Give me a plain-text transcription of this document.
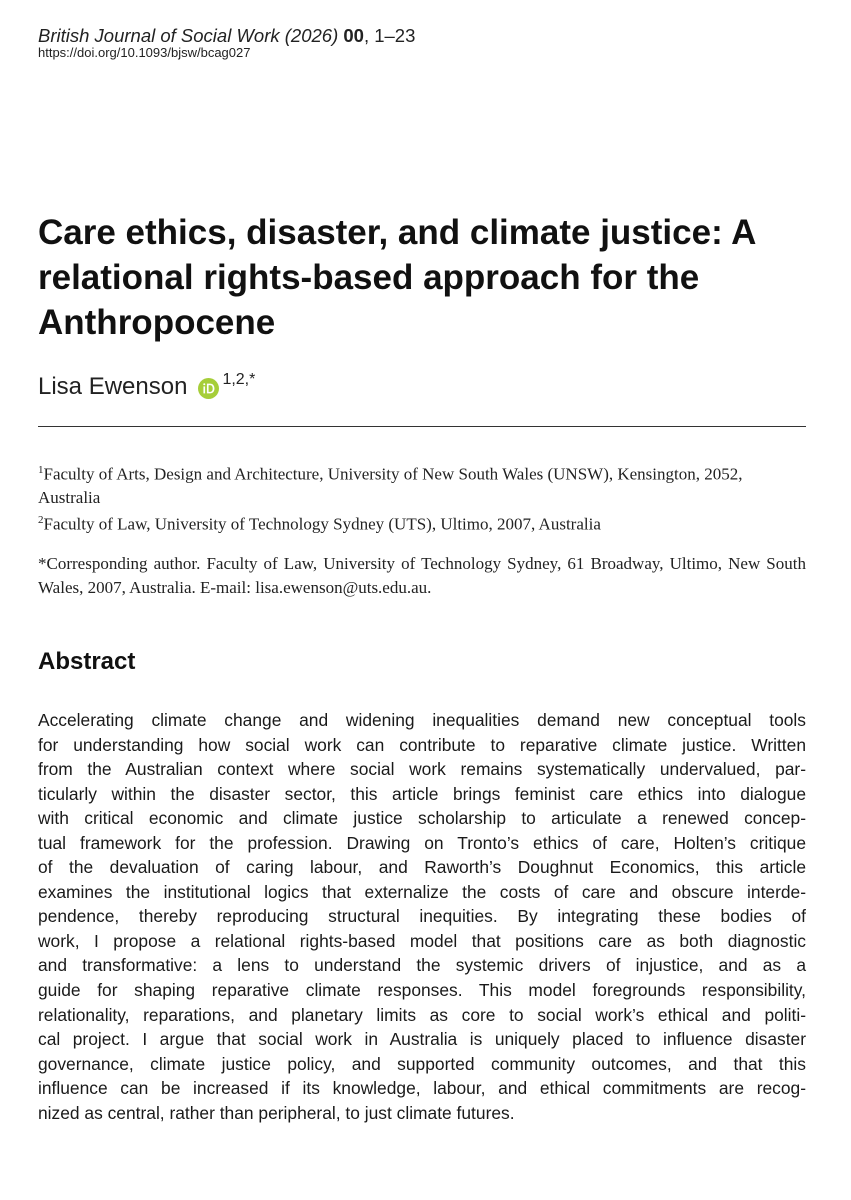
British Journal of Social Work (2026) 00, 1–23
https://doi.org/10.1093/bjsw/bcag027
Care ethics, disaster, and climate justice: A relational rights-based approach for the Anthropocene
Lisa Ewenson 1,2,*

$^1$Faculty of Arts, Design and Architecture, University of New South Wales (UNSW), Kensington, 2052, Australia

$^2$Faculty of Law, University of Technology Sydney (UTS), Ultimo, 2007, Australia

*Corresponding author. Faculty of Law, University of Technology Sydney, 61 Broadway, Ultimo, New South Wales, 2007, Australia. E-mail: lisa.ewenson@uts.edu.au.
Abstract
Accelerating climate change and widening inequalities demand new conceptual tools
for understanding how social work can contribute to reparative climate justice. Written
from the Australian context where social work remains systematically undervalued, par-
ticularly within the disaster sector, this article brings feminist care ethics into dialogue
with critical economic and climate justice scholarship to articulate a renewed concep-
tual framework for the profession. Drawing on Tronto’s ethics of care, Holten’s critique
of the devaluation of caring labour, and Raworth’s Doughnut Economics, this article
examines the institutional logics that externalize the costs of care and obscure interde-
pendence, thereby reproducing structural inequities. By integrating these bodies of
work, I propose a relational rights-based model that positions care as both diagnostic
and transformative: a lens to understand the systemic drivers of injustice, and as a
guide for shaping reparative climate responses. This model foregrounds responsibility,
relationality, reparations, and planetary limits as core to social work’s ethical and politi-
cal project. I argue that social work in Australia is uniquely placed to influence disaster
governance, climate justice policy, and supported community outcomes, and that this
influence can be increased if its knowledge, labour, and ethical commitments are recog-
nized as central, rather than peripheral, to just climate futures.
